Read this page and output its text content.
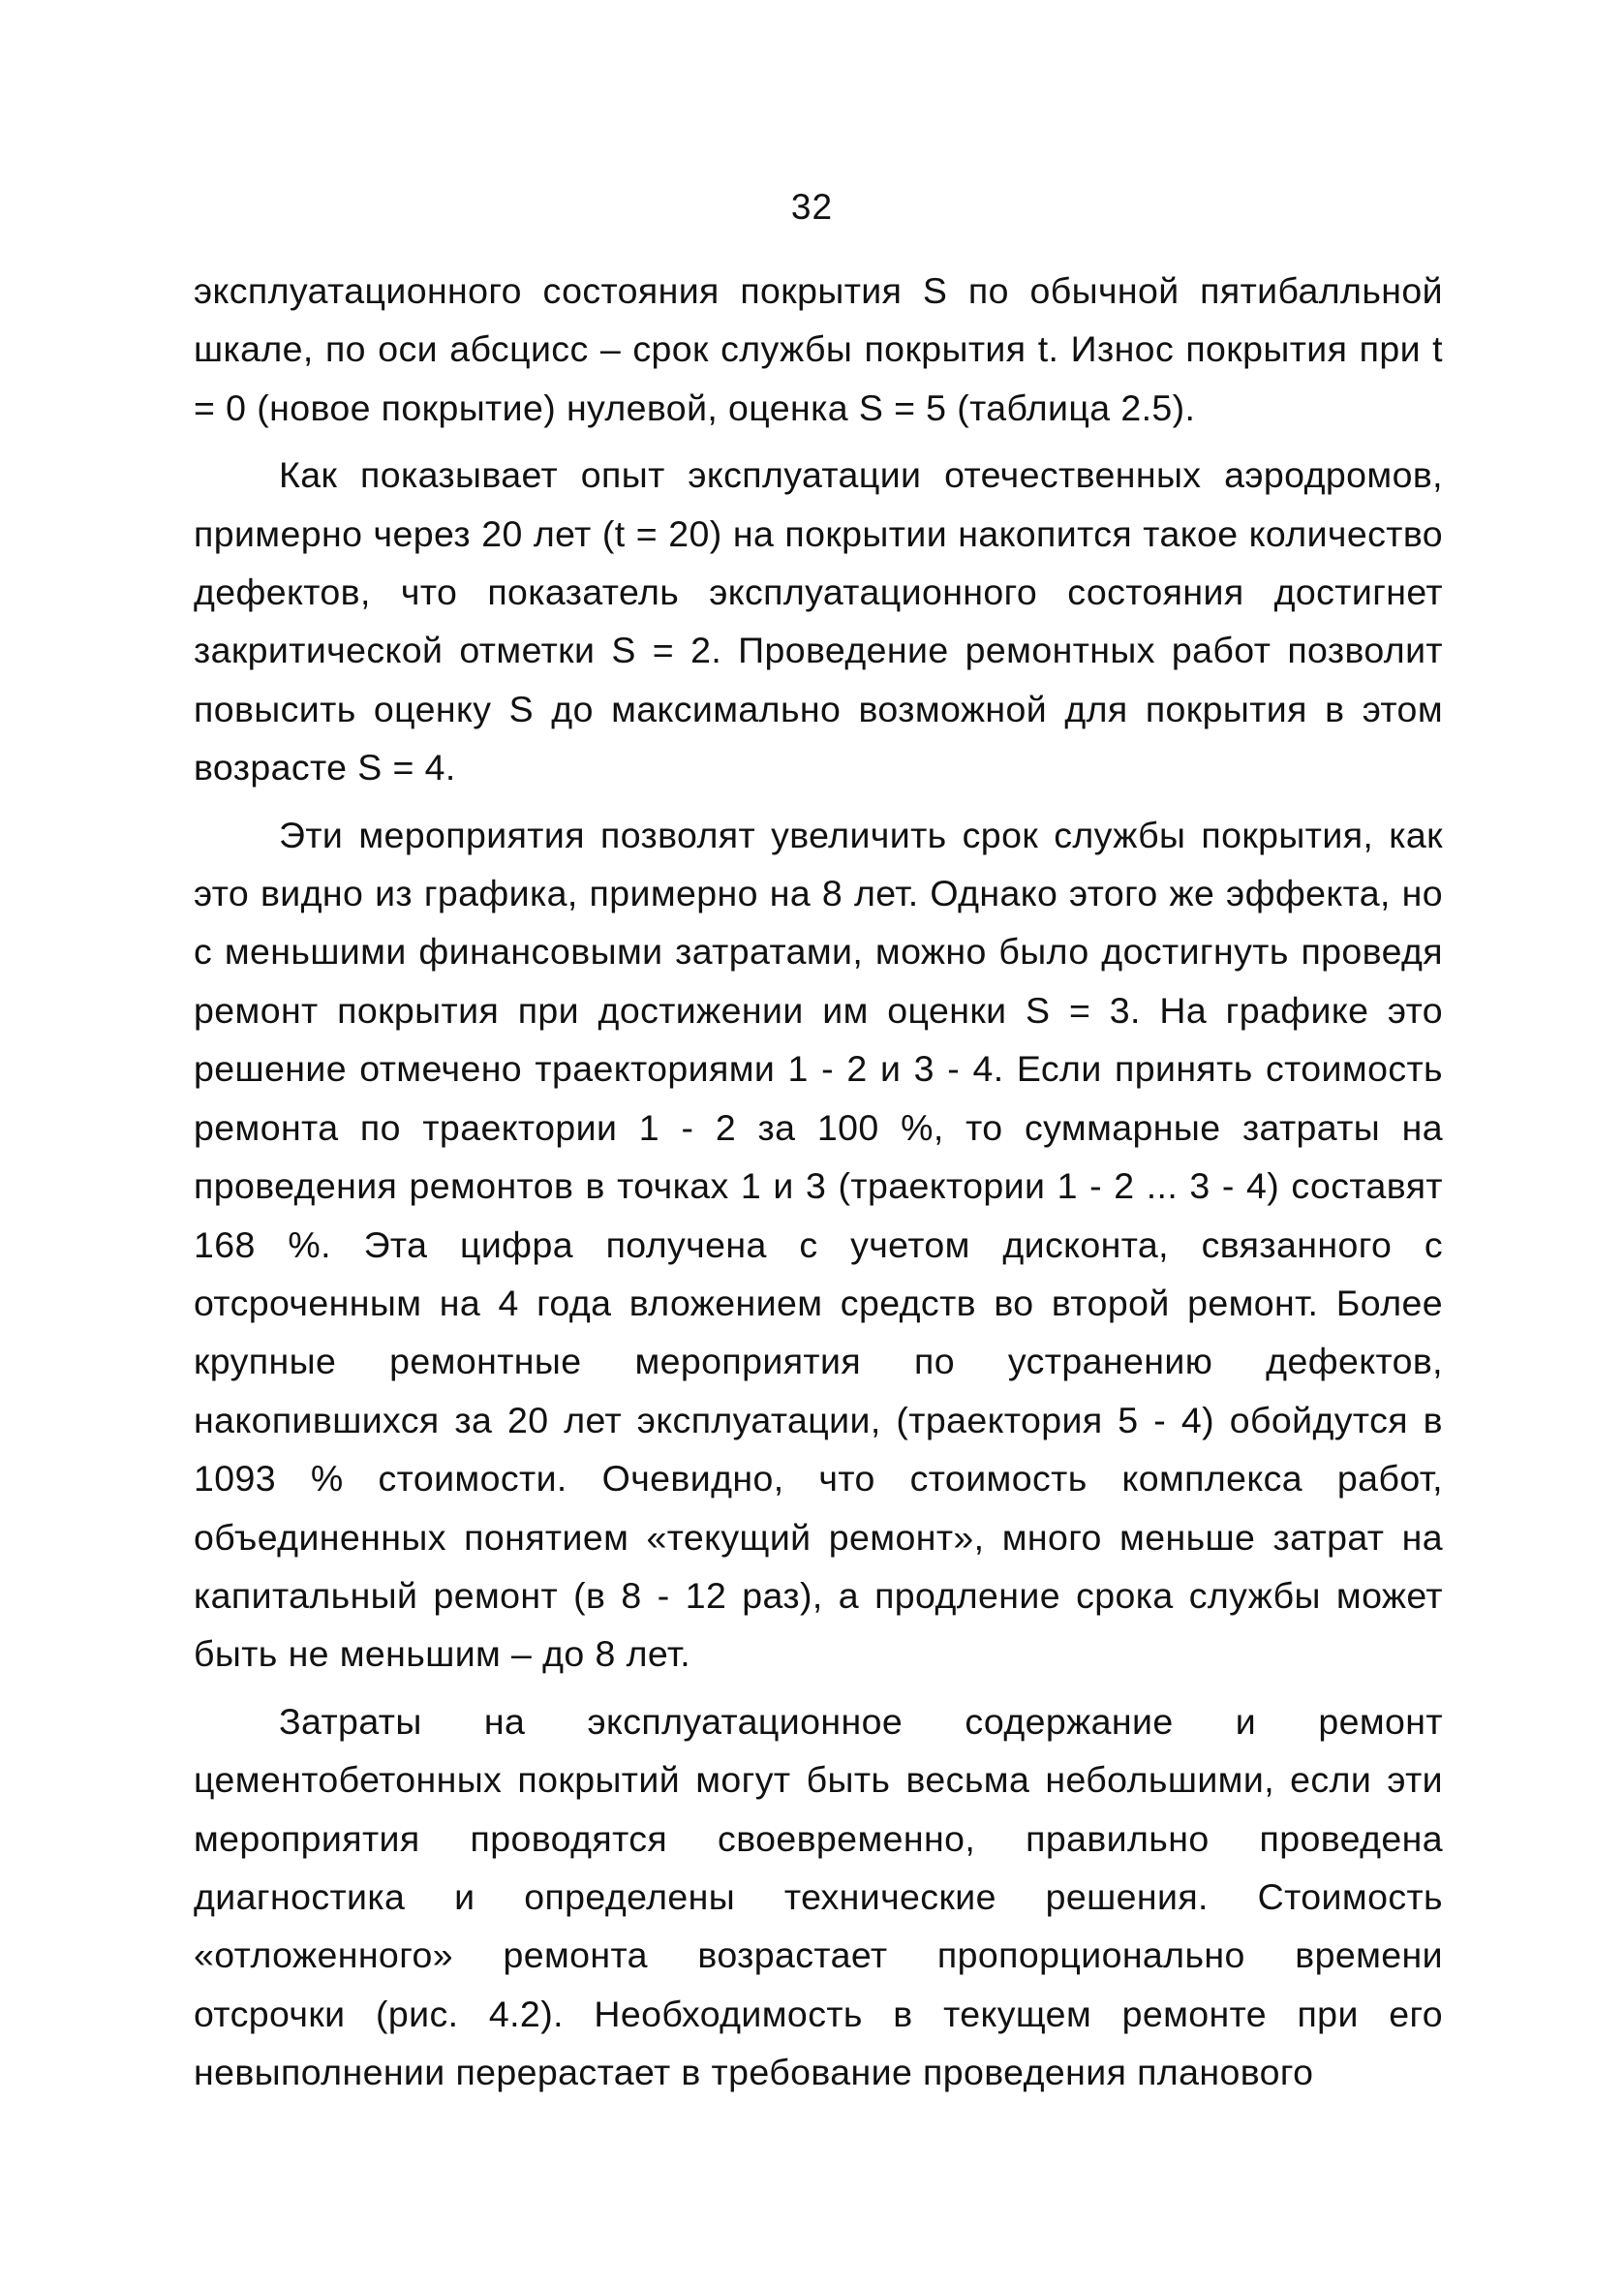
32

эксплуатационного состояния покрытия S по обычной пятибалльной шкале, по оси абсцисс – срок службы покрытия t. Износ покрытия при t = 0 (новое покрытие) нулевой, оценка S = 5 (таблица 2.5).

Как показывает опыт эксплуатации отечественных аэродромов, примерно через 20 лет (t = 20) на покрытии накопится такое количество дефектов, что показатель эксплуатационного состояния достигнет закритической отметки S = 2. Проведение ремонтных работ позволит повысить оценку S до максимально возможной для покрытия в этом возрасте S = 4.

Эти мероприятия позволят увеличить срок службы покрытия, как это видно из графика, примерно на 8 лет. Однако этого же эффекта, но с меньшими финансовыми затратами, можно было достигнуть проведя ремонт покрытия при достижении им оценки S = 3. На графике это решение отмечено траекториями 1 - 2 и 3 - 4. Если принять стоимость ремонта по траектории 1 - 2 за 100 %, то суммарные затраты на проведения ремонтов в точках 1 и 3 (траектории 1 - 2 ... 3 - 4) составят 168 %. Эта цифра получена с учетом дисконта, связанного с отсроченным на 4 года вложением средств во второй ремонт. Более крупные ремонтные мероприятия по устранению дефектов, накопившихся за 20 лет эксплуатации, (траектория 5 - 4) обойдутся в 1093 % стоимости. Очевидно, что стоимость комплекса работ, объединенных понятием «текущий ремонт», много меньше затрат на капитальный ремонт (в 8 - 12 раз), а продление срока службы может быть не меньшим – до 8 лет.

Затраты на эксплуатационное содержание и ремонт цементобетонных покрытий могут быть весьма небольшими, если эти мероприятия проводятся своевременно, правильно проведена диагностика и определены технические решения. Стоимость «отложенного» ремонта возрастает пропорционально времени отсрочки (рис. 4.2). Необходимость в текущем ремонте при его невыполнении перерастает в требование проведения планового
